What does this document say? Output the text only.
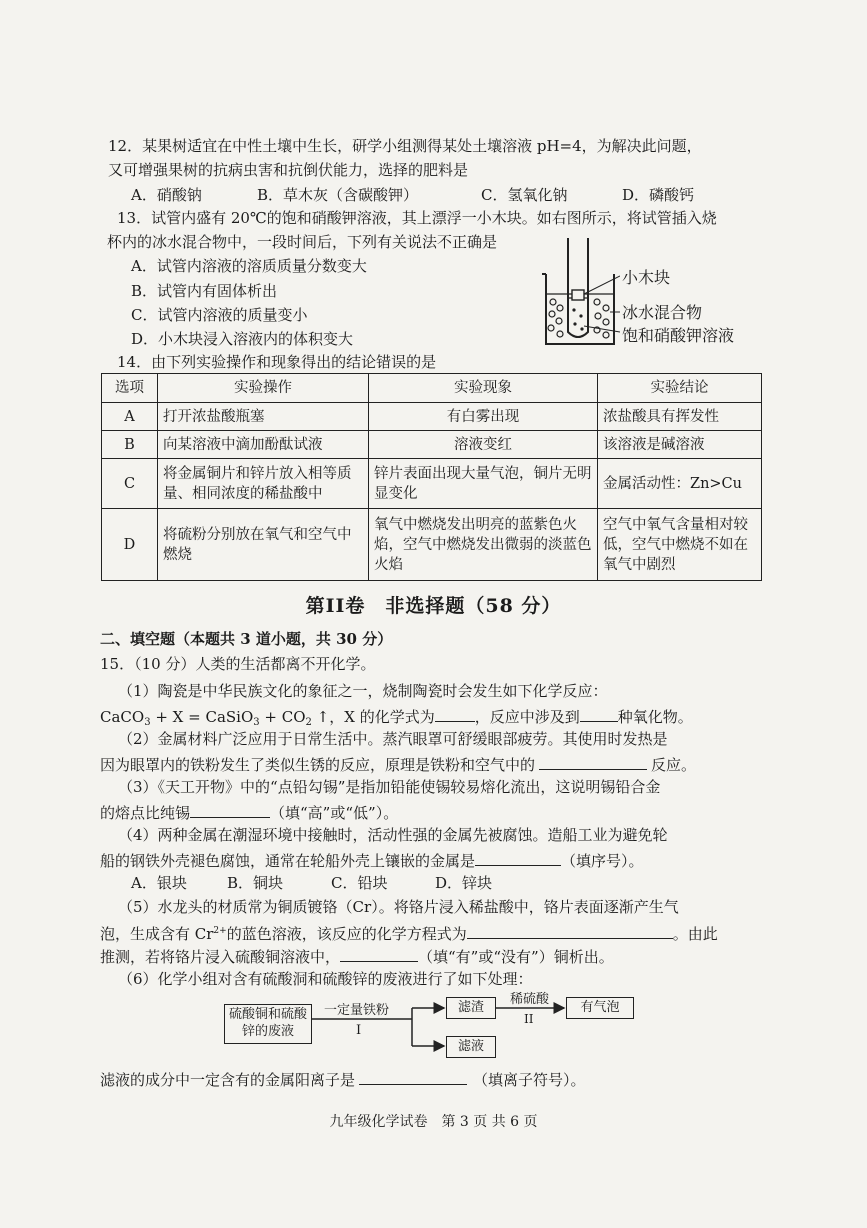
12．某果树适宜在中性土壤中生长，研学小组测得某处土壤溶液 pH=4，为解决此问题，
又可增强果树的抗病虫害和抗倒伏能力，选择的肥料是
A．硝酸钠	B．草木灰（含碳酸钾）	C．氢氧化钠	D．磷酸钙
13．试管内盛有 20℃的饱和硝酸钾溶液，其上漂浮一小木块。如右图所示，将试管插入烧
杯内的冰水混合物中，一段时间后，下列有关说法不正确是
A．试管内溶液的溶质质量分数变大
B．试管内有固体析出
C．试管内溶液的质量变小
D．小木块浸入溶液内的体积变大
小木块
冰水混合物
饱和硝酸钾溶液
14．由下列实验操作和现象得出的结论错误的是
选项	实验操作	实验现象	实验结论
A	打开浓盐酸瓶塞	有白雾出现	浓盐酸具有挥发性
B	向某溶液中滴加酚酞试液	溶液变红	该溶液是碱溶液
C	将金属铜片和锌片放入相等质量、相同浓度的稀盐酸中	锌片表面出现大量气泡，铜片无明显变化	金属活动性：Zn>Cu
D	将硫粉分别放在氧气和空气中燃烧	氧气中燃烧发出明亮的蓝紫色火焰，空气中燃烧发出微弱的淡蓝色火焰	空气中氧气含量相对较低，空气中燃烧不如在氧气中剧烈
第II卷　非选择题（58 分）
二、填空题（本题共 3 道小题，共 30 分）
15．（10 分）人类的生活都离不开化学。
（1）陶瓷是中华民族文化的象征之一，烧制陶瓷时会发生如下化学反应：
CaCO$_3$ + X = CaSiO$_3$ + $CO_2$ ↑，X 的化学式为	，反应中涉及到	种氧化物。
（2）金属材料广泛应用于日常生活中。蒸汽眼罩可舒缓眼部疲劳。其使用时发热是
因为眼罩内的铁粉发生了类似生锈的反应，原理是铁粉和空气中的	反应。
（3）《天工开物》中的“点铅勾锡”是指加铅能使锡较易熔化流出，这说明锡铅合金
的熔点比纯锡	（填“高”或“低”）。
（4）两种金属在潮湿环境中接触时，活动性强的金属先被腐蚀。造船工业为避免轮
船的钢铁外壳褪色腐蚀，通常在轮船外壳上镶嵌的金属是	（填序号）。
A．银块	B．铜块	C．铅块	D．锌块
（5）水龙头的材质常为铜质镀铬（Cr）。将铬片浸入稀盐酸中，铬片表面逐渐产生气
泡，生成含有 $Cr^{2+}$的蓝色溶液，该反应的化学方程式为	。由此
推测，若将铬片浸入硫酸铜溶液中，	（填“有”或“没有”）铜析出。
（6）化学小组对含有硫酸洞和硫酸锌的废液进行了如下处理：
硫酸铜和硫酸锌的废液
一定量铁粉
I
滤渣
稀硫酸
II
有气泡
滤液
滤液的成分中一定含有的金属阳离子是	（填离子符号）。
九年级化学试卷　第 3 页 共 6 页
